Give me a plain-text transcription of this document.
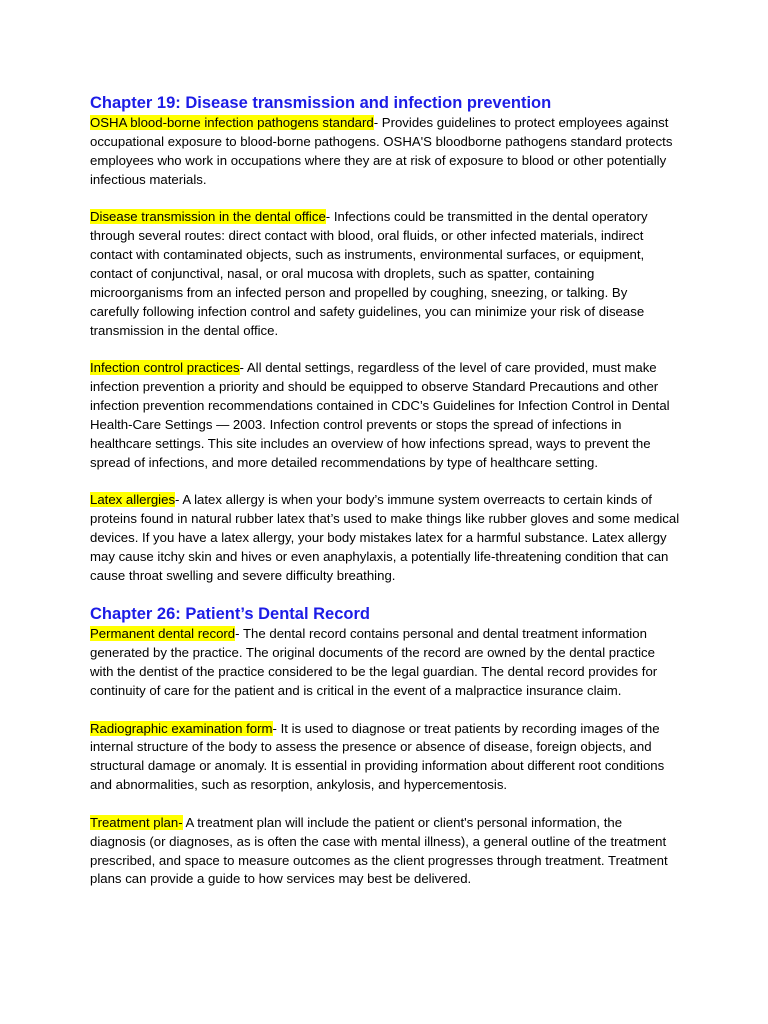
Chapter 19: Disease transmission and infection prevention

OSHA blood-borne infection pathogens standard- Provides guidelines to protect employees against occupational exposure to blood-borne pathogens. OSHA'S bloodborne pathogens standard protects employees who work in occupations where they are at risk of exposure to blood or other potentially infectious materials.

Disease transmission in the dental office- Infections could be transmitted in the dental operatory through several routes: direct contact with blood, oral fluids, or other infected materials, indirect contact with contaminated objects, such as instruments, environmental surfaces, or equipment, contact of conjunctival, nasal, or oral mucosa with droplets, such as spatter, containing microorganisms from an infected person and propelled by coughing, sneezing, or talking. By carefully following infection control and safety guidelines, you can minimize your risk of disease transmission in the dental office.

Infection control practices- All dental settings, regardless of the level of care provided, must make infection prevention a priority and should be equipped to observe Standard Precautions and other infection prevention recommendations contained in CDC’s Guidelines for Infection Control in Dental Health-Care Settings — 2003. Infection control prevents or stops the spread of infections in healthcare settings. This site includes an overview of how infections spread, ways to prevent the spread of infections, and more detailed recommendations by type of healthcare setting.

Latex allergies- A latex allergy is when your body’s immune system overreacts to certain kinds of proteins found in natural rubber latex that’s used to make things like rubber gloves and some medical devices. If you have a latex allergy, your body mistakes latex for a harmful substance. Latex allergy may cause itchy skin and hives or even anaphylaxis, a potentially life-threatening condition that can cause throat swelling and severe difficulty breathing.

Chapter 26: Patient’s Dental Record

Permanent dental record- The dental record contains personal and dental treatment information generated by the practice. The original documents of the record are owned by the dental practice with the dentist of the practice considered to be the legal guardian. The dental record provides for continuity of care for the patient and is critical in the event of a malpractice insurance claim.

Radiographic examination form- It is used to diagnose or treat patients by recording images of the internal structure of the body to assess the presence or absence of disease, foreign objects, and structural damage or anomaly. It is essential in providing information about different root conditions and abnormalities, such as resorption, ankylosis, and hypercementosis.

Treatment plan- A treatment plan will include the patient or client's personal information, the diagnosis (or diagnoses, as is often the case with mental illness), a general outline of the treatment prescribed, and space to measure outcomes as the client progresses through treatment. Treatment plans can provide a guide to how services may best be delivered.
